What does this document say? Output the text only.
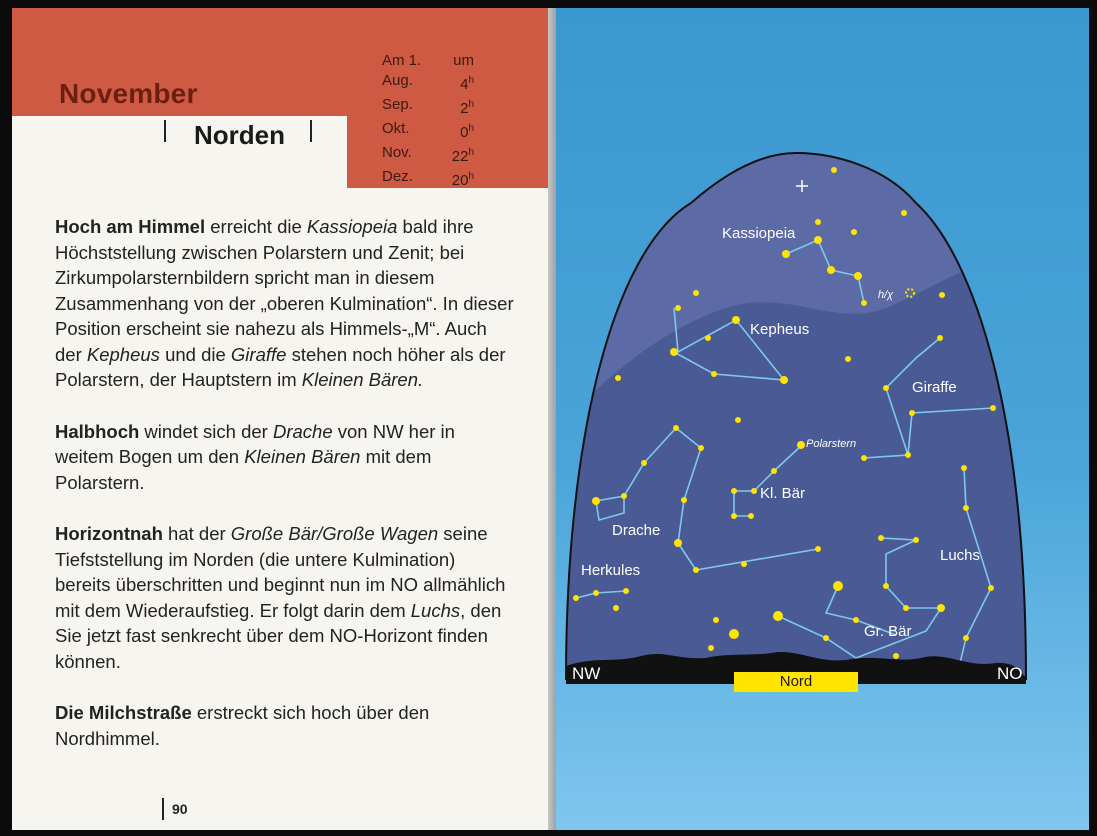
November
Norden
Am 1. um
Aug.	4$^h$
Sep.	2$^h$
Okt.	0$^h$
Nov.	22$^h$
Dez.	20$^h$

Hoch am Himmel erreicht die Kassiopeia bald ihre Höchststellung zwischen Polarstern und Zenit; bei Zirkumpolarsternbildern spricht man in diesem Zusammenhang von der „oberen Kulmination“. In dieser Position erscheint sie nahezu als Himmels-„M“. Auch der Kepheus und die Giraffe stehen noch höher als der Polarstern, der Hauptstern im Kleinen Bären.

Halbhoch windet sich der Drache von NW her in weitem Bogen um den Kleinen Bären mit dem Polarstern.

Horizontnah hat der Große Bär/Große Wagen seine Tiefststellung im Norden (die untere Kulmination) bereits überschritten und beginnt nun im NO allmählich mit dem Wiederaufstieg. Er folgt darin dem Luchs, den Sie jetzt fast senkrecht über dem NO-Horizont finden können.

Die Milchstraße erstreckt sich hoch über den Nordhimmel.

90
Kassiopeia
Kepheus
Giraffe
Polarstern
Kl. Bär
Drache
Herkules
Luchs
Gr. Bär
h/χ
NW	Nord	NO
